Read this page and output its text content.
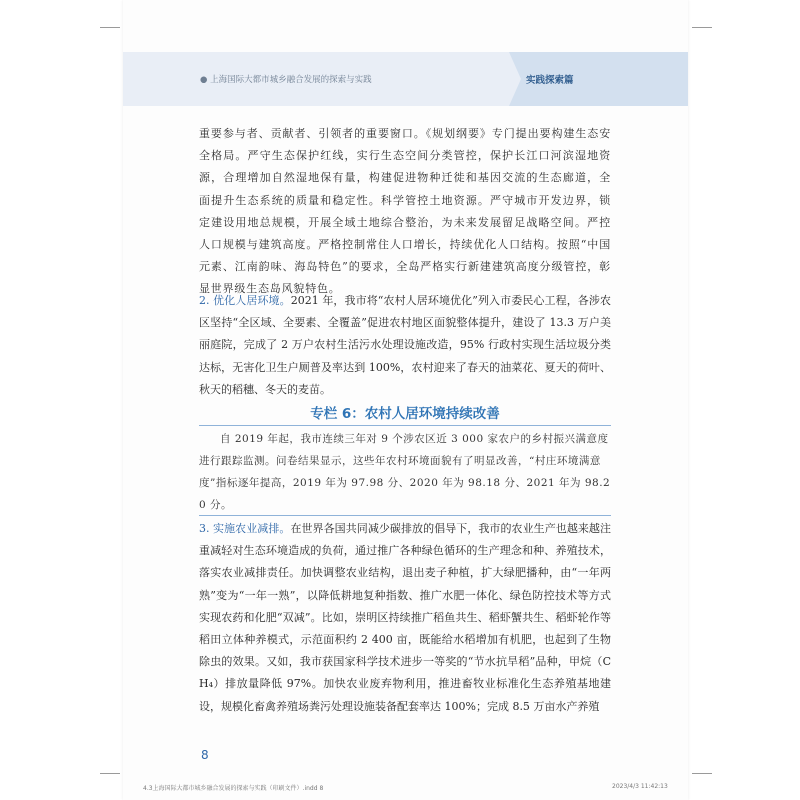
● 上海国际大都市城乡融合发展的探索与实践	实践探索篇

重要参与者、贡献者、引领者的重要窗口。《规划纲要》专门提出要构建生态安全格局。严守生态保护红线，实行生态空间分类管控，保护长江口河滨湿地资源，合理增加自然湿地保有量，构建促进物种迁徙和基因交流的生态廊道，全面提升生态系统的质量和稳定性。科学管控土地资源。严守城市开发边界，锁定建设用地总规模，开展全域土地综合整治，为未来发展留足战略空间。严控人口规模与建筑高度。严格控制常住人口增长，持续优化人口结构。按照“中国元素、江南韵味、海岛特色”的要求，全岛严格实行新建建筑高度分级管控，彰显世界级生态岛风貌特色。

2. 优化人居环境。2021 年，我市将“农村人居环境优化”列入市委民心工程，各涉农区坚持“全区域、全要素、全覆盖”促进农村地区面貌整体提升，建设了 13.3 万户美丽庭院，完成了 2 万户农村生活污水处理设施改造，95% 行政村实现生活垃圾分类达标，无害化卫生户厕普及率达到 100%，农村迎来了春天的油菜花、夏天的荷叶、秋天的稻穗、冬天的麦苗。

专栏 6：农村人居环境持续改善

自 2019 年起，我市连续三年对 9 个涉农区近 3 000 家农户的乡村振兴满意度进行跟踪监测。问卷结果显示，这些年农村环境面貌有了明显改善，“村庄环境满意度”指标逐年提高，2019 年为 97.98 分、2020 年为 98.18 分、2021 年为 98.20 分。

3. 实施农业减排。在世界各国共同减少碳排放的倡导下，我市的农业生产也越来越注重减轻对生态环境造成的负荷，通过推广各种绿色循环的生产理念和种、养殖技术，落实农业减排责任。加快调整农业结构，退出麦子种植，扩大绿肥播种，由“一年两熟”变为“一年一熟”，以降低耕地复种指数、推广水肥一体化、绿色防控技术等方式实现农药和化肥“双减”。比如，崇明区持续推广稻鱼共生、稻虾蟹共生、稻虾轮作等稻田立体种养模式，示范面积约 2 400 亩，既能给水稻增加有机肥，也起到了生物除虫的效果。又如，我市获国家科学技术进步一等奖的“节水抗旱稻”品种，甲烷（CH₄）排放量降低 97%。加快农业废弃物利用，推进畜牧业标准化生态养殖基地建设，规模化畜禽养殖场粪污处理设施装备配套率达 100%；完成 8.5 万亩水产养殖

8
4.3上海国际大都市城乡融合发展的探索与实践（印刷文件）.indd 8	2023/4/3 11:42:13
